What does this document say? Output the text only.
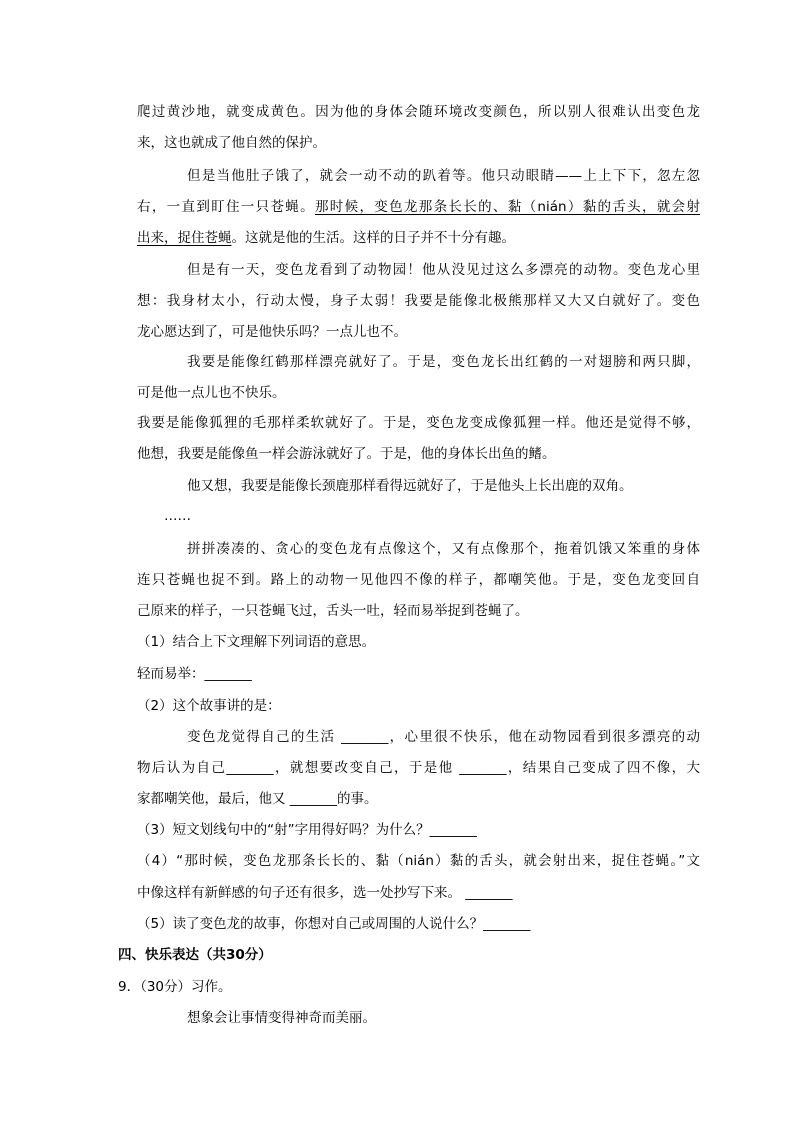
爬过黄沙地，就变成黄色。因为他的身体会随环境改变颜色，所以别人很难认出变色龙
来，这也就成了他自然的保护。
但是当他肚子饿了，就会一动不动的趴着等。他只动眼睛——上上下下，忽左忽
右，一直到盯住一只苍蝇。那时候，变色龙那条长长的、黏（nián）黏的舌头，就会射
出来，捉住苍蝇。这就是他的生活。这样的日子并不十分有趣。
但是有一天，变色龙看到了动物园！他从没见过这么多漂亮的动物。变色龙心里
想：我身材太小，行动太慢，身子太弱！我要是能像北极熊那样又大又白就好了。变色
龙心愿达到了，可是他快乐吗？一点儿也不。
我要是能像红鹤那样漂亮就好了。于是，变色龙长出红鹤的一对翅膀和两只脚，
可是他一点儿也不快乐。
我要是能像狐狸的毛那样柔软就好了。于是，变色龙变成像狐狸一样。他还是觉得不够，
他想，我要是能像鱼一样会游泳就好了。于是，他的身体长出鱼的鳍。
他又想，我要是能像长颈鹿那样看得远就好了，于是他头上长出鹿的双角。
……
拼拼凑凑的、贪心的变色龙有点像这个，又有点像那个，拖着饥饿又笨重的身体
连只苍蝇也捉不到。路上的动物一见他四不像的样子，都嘲笑他。于是，变色龙变回自
己原来的样子，一只苍蝇飞过，舌头一吐，轻而易举捉到苍蝇了。
（1）结合上下文理解下列词语的意思。
轻而易举：_______
（2）这个故事讲的是：
变色龙觉得自己的生活 _______，心里很不快乐，他在动物园看到很多漂亮的动
物后认为自己_______，就想要改变自己，于是他 _______，结果自己变成了四不像，大
家都嘲笑他，最后，他又 _______的事。
（3）短文划线句中的“射”字用得好吗？为什么？_______
（4）“那时候，变色龙那条长长的、黏（nián）黏的舌头，就会射出来，捉住苍蝇。”文
中像这样有新鲜感的句子还有很多，选一处抄写下来。 _______
（5）读了变色龙的故事，你想对自己或周围的人说什么？_______
四、快乐表达（共30分）
9．（30分）习作。
想象会让事情变得神奇而美丽。
